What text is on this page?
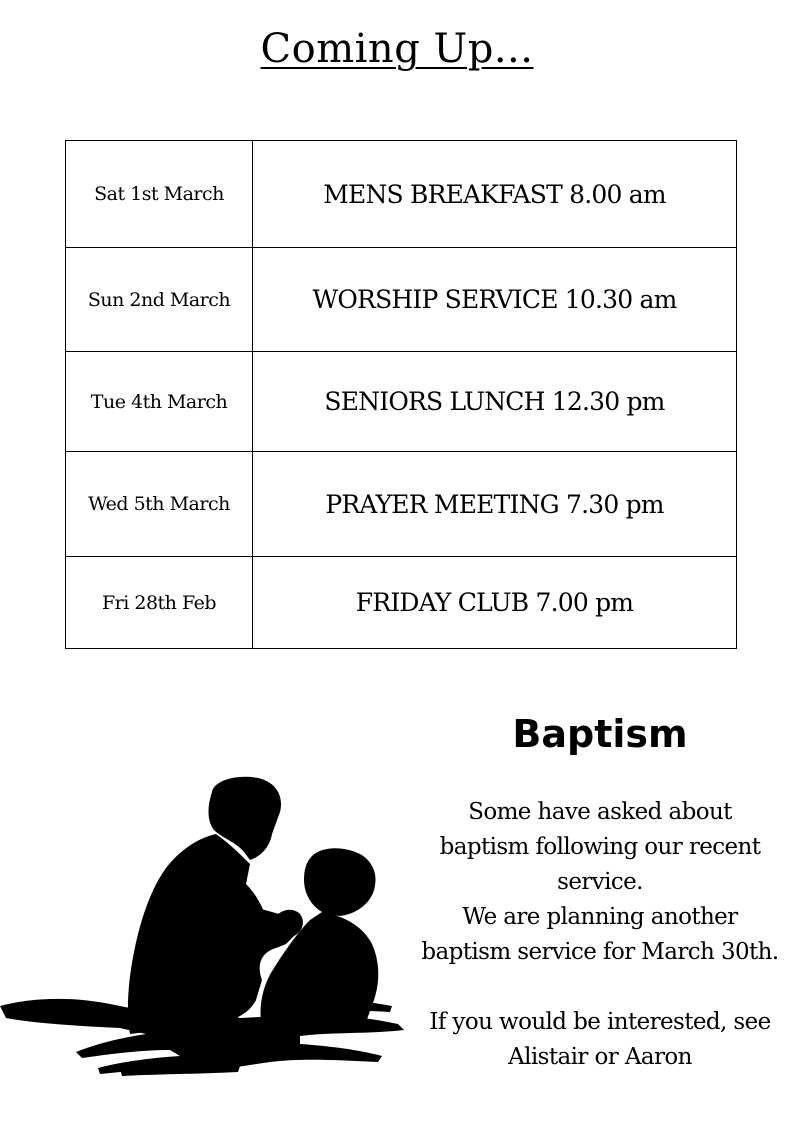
Coming Up...
Sat 1st March	MENS BREAKFAST 8.00 am
Sun 2nd March	WORSHIP SERVICE 10.30 am
Tue 4th March	SENIORS LUNCH 12.30 pm
Wed 5th March	PRAYER MEETING 7.30 pm
Fri 28th Feb	FRIDAY CLUB 7.00 pm
Baptism

Some have asked about

baptism following our recent

service.

We are planning another

baptism service for March 30th.

If you would be interested, see

Alistair or Aaron
